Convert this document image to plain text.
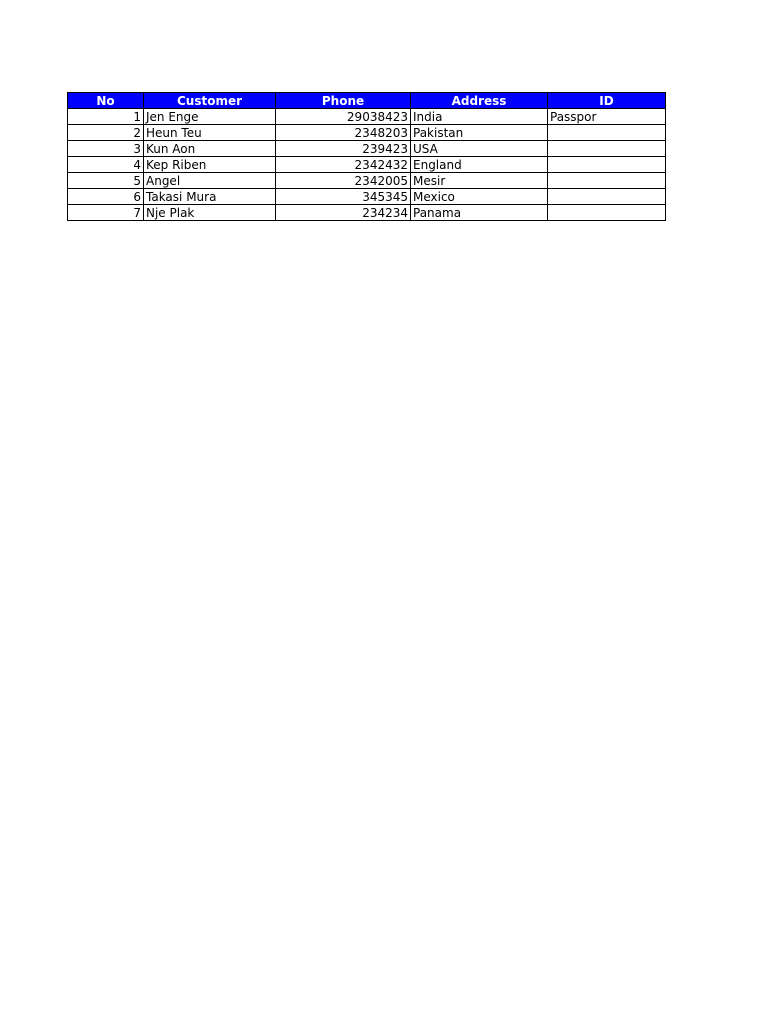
No	Customer	Phone	Address	ID
1	Jen Enge	29038423	India	Passpor
2	Heun Teu	2348203	Pakistan	
3	Kun Aon	239423	USA	
4	Kep Riben	2342432	England	
5	Angel	2342005	Mesir	
6	Takasi Mura	345345	Mexico	
7	Nje Plak	234234	Panama	
